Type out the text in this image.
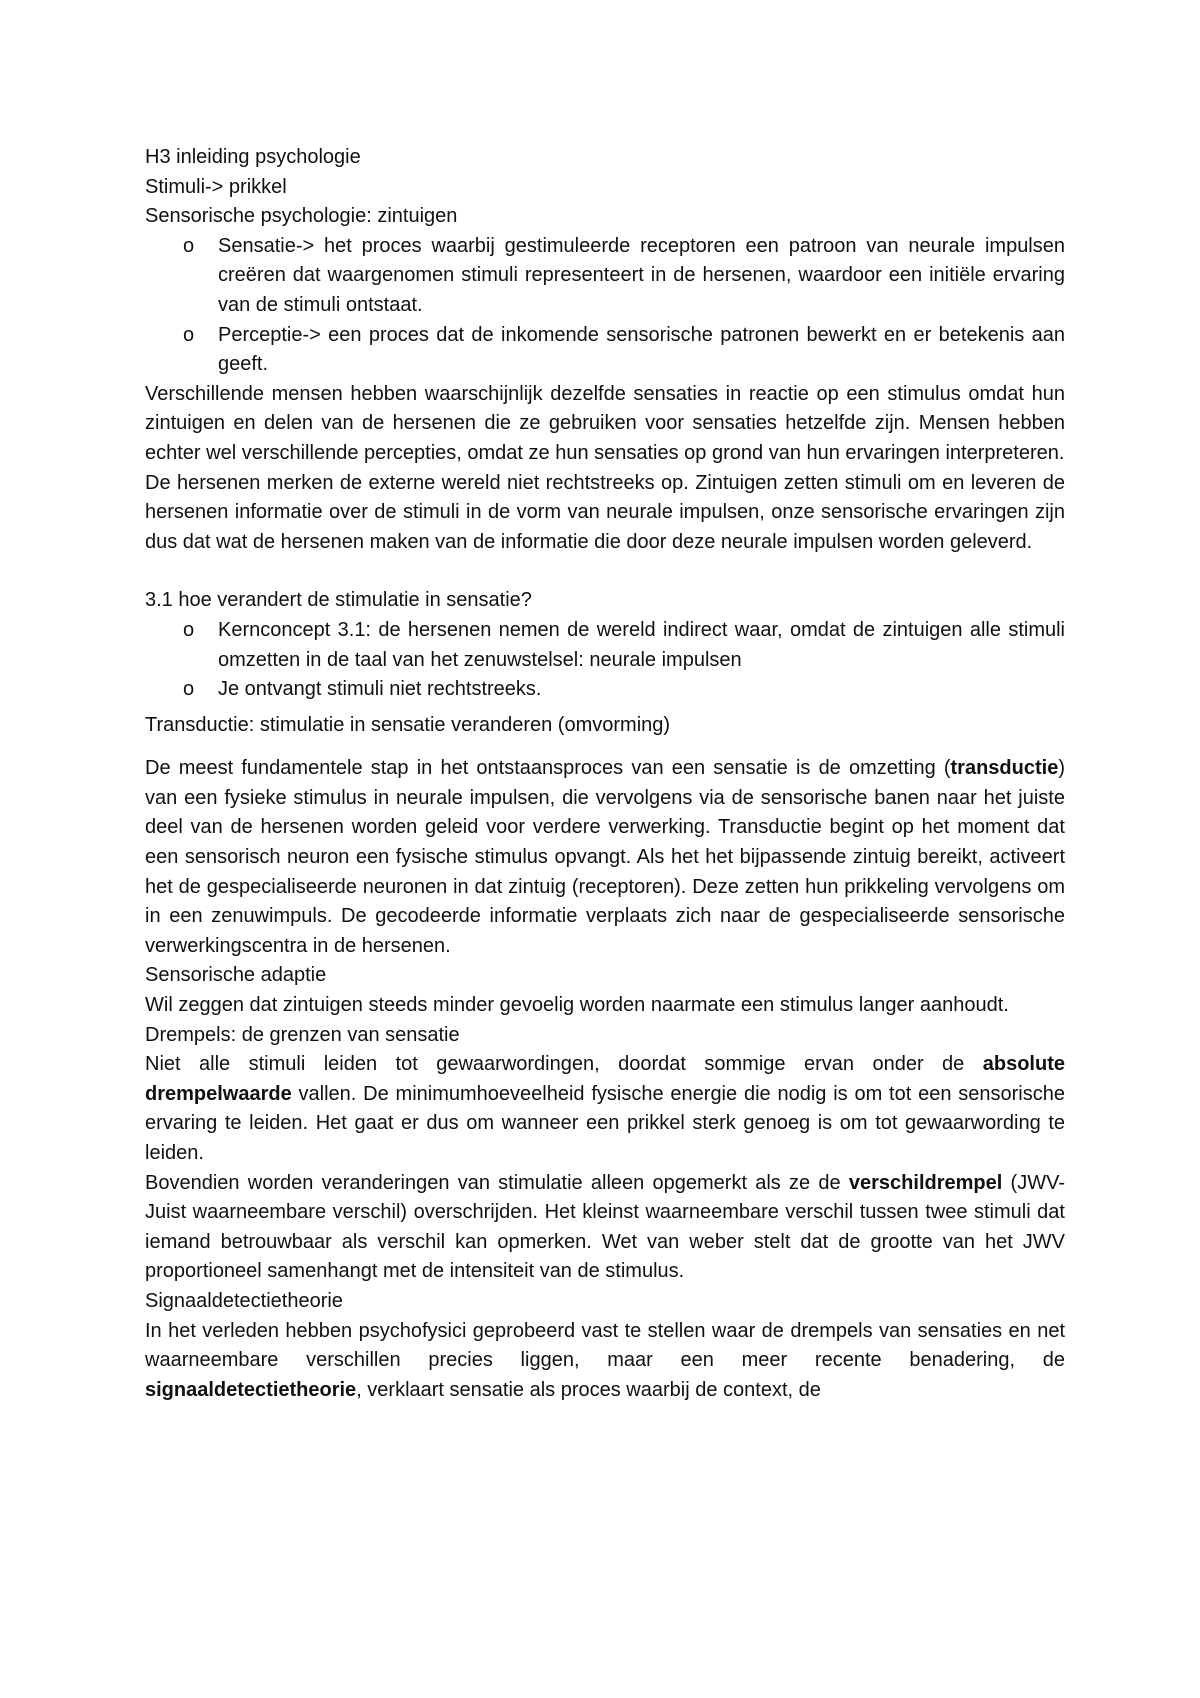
H3 inleiding psychologie

Stimuli-> prikkel

Sensorische psychologie: zintuigen

o Sensatie-> het proces waarbij gestimuleerde receptoren een patroon van neurale impulsen creëren dat waargenomen stimuli representeert in de hersenen, waardoor een initiële ervaring van de stimuli ontstaat.
o Perceptie-> een proces dat de inkomende sensorische patronen bewerkt en er betekenis aan geeft.

Verschillende mensen hebben waarschijnlijk dezelfde sensaties in reactie op een stimulus omdat hun zintuigen en delen van de hersenen die ze gebruiken voor sensaties hetzelfde zijn. Mensen hebben echter wel verschillende percepties, omdat ze hun sensaties op grond van hun ervaringen interpreteren.

De hersenen merken de externe wereld niet rechtstreeks op. Zintuigen zetten stimuli om en leveren de hersenen informatie over de stimuli in de vorm van neurale impulsen, onze sensorische ervaringen zijn dus dat wat de hersenen maken van de informatie die door deze neurale impulsen worden geleverd.

3.1 hoe verandert de stimulatie in sensatie?

o Kernconcept 3.1: de hersenen nemen de wereld indirect waar, omdat de zintuigen alle stimuli omzetten in de taal van het zenuwstelsel: neurale impulsen
o Je ontvangt stimuli niet rechtstreeks.

Transductie: stimulatie in sensatie veranderen (omvorming)

De meest fundamentele stap in het ontstaansproces van een sensatie is de omzetting (transductie) van een fysieke stimulus in neurale impulsen, die vervolgens via de sensorische banen naar het juiste deel van de hersenen worden geleid voor verdere verwerking. Transductie begint op het moment dat een sensorisch neuron een fysische stimulus opvangt. Als het het bijpassende zintuig bereikt, activeert het de gespecialiseerde neuronen in dat zintuig (receptoren). Deze zetten hun prikkeling vervolgens om in een zenuwimpuls. De gecodeerde informatie verplaats zich naar de gespecialiseerde sensorische verwerkingscentra in de hersenen.

Sensorische adaptie

Wil zeggen dat zintuigen steeds minder gevoelig worden naarmate een stimulus langer aanhoudt.

Drempels: de grenzen van sensatie

Niet alle stimuli leiden tot gewaarwordingen, doordat sommige ervan onder de absolute drempelwaarde vallen. De minimumhoeveelheid fysische energie die nodig is om tot een sensorische ervaring te leiden. Het gaat er dus om wanneer een prikkel sterk genoeg is om tot gewaarwording te leiden.

Bovendien worden veranderingen van stimulatie alleen opgemerkt als ze de verschildrempel (JWV- Juist waarneembare verschil) overschrijden. Het kleinst waarneembare verschil tussen twee stimuli dat iemand betrouwbaar als verschil kan opmerken. Wet van weber stelt dat de grootte van het JWV proportioneel samenhangt met de intensiteit van de stimulus.

Signaaldetectietheorie

In het verleden hebben psychofysici geprobeerd vast te stellen waar de drempels van sensaties en net waarneembare verschillen precies liggen, maar een meer recente benadering, de signaaldetectietheorie, verklaart sensatie als proces waarbij de context, de
